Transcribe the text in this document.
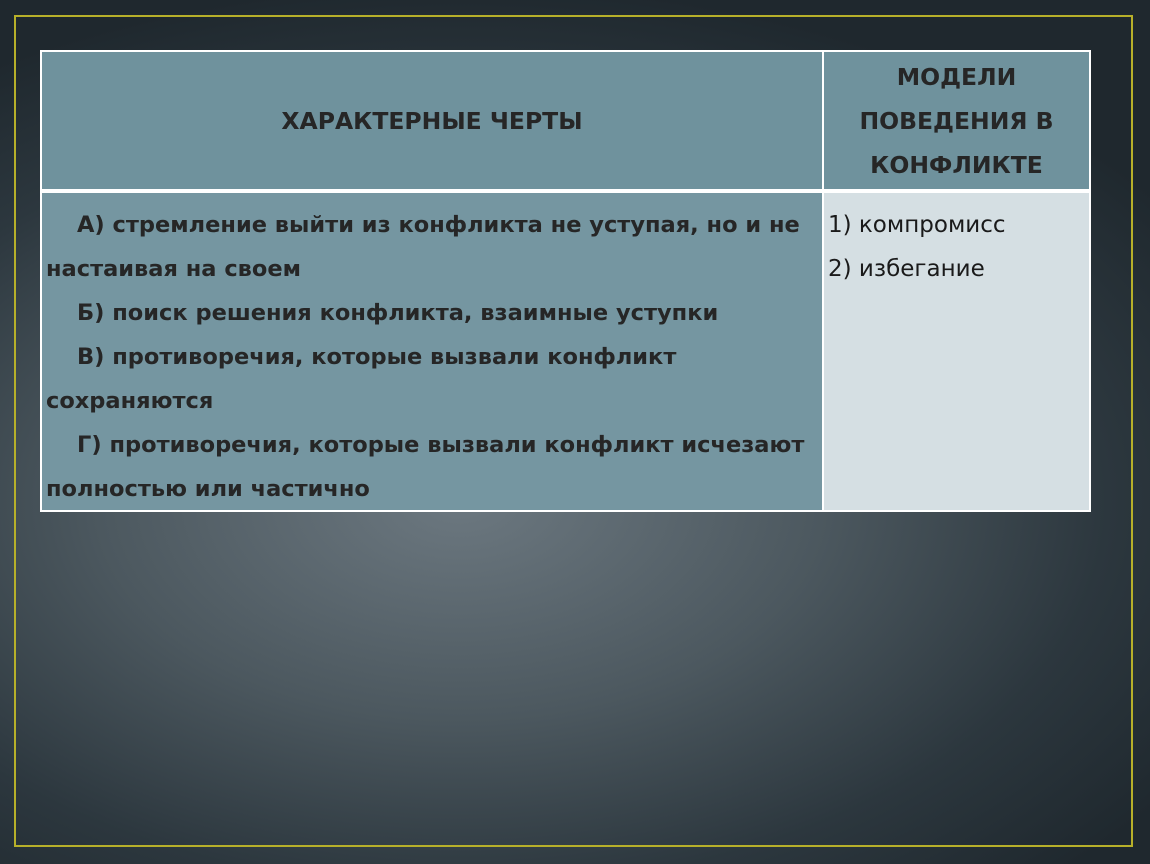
ХАРАКТЕРНЫЕ ЧЕРТЫ
МОДЕЛИ
ПОВЕДЕНИЯ В
КОНФЛИКТЕ

А) стремление выйти из конфликта не уступая, но и не настаивая на своем

Б) поиск решения конфликта, взаимные уступки

В) противоречия, которые вызвали конфликт сохраняются

Г) противоречия, которые вызвали конфликт исчезают полностью или частично

1) компромисс

2) избегание
